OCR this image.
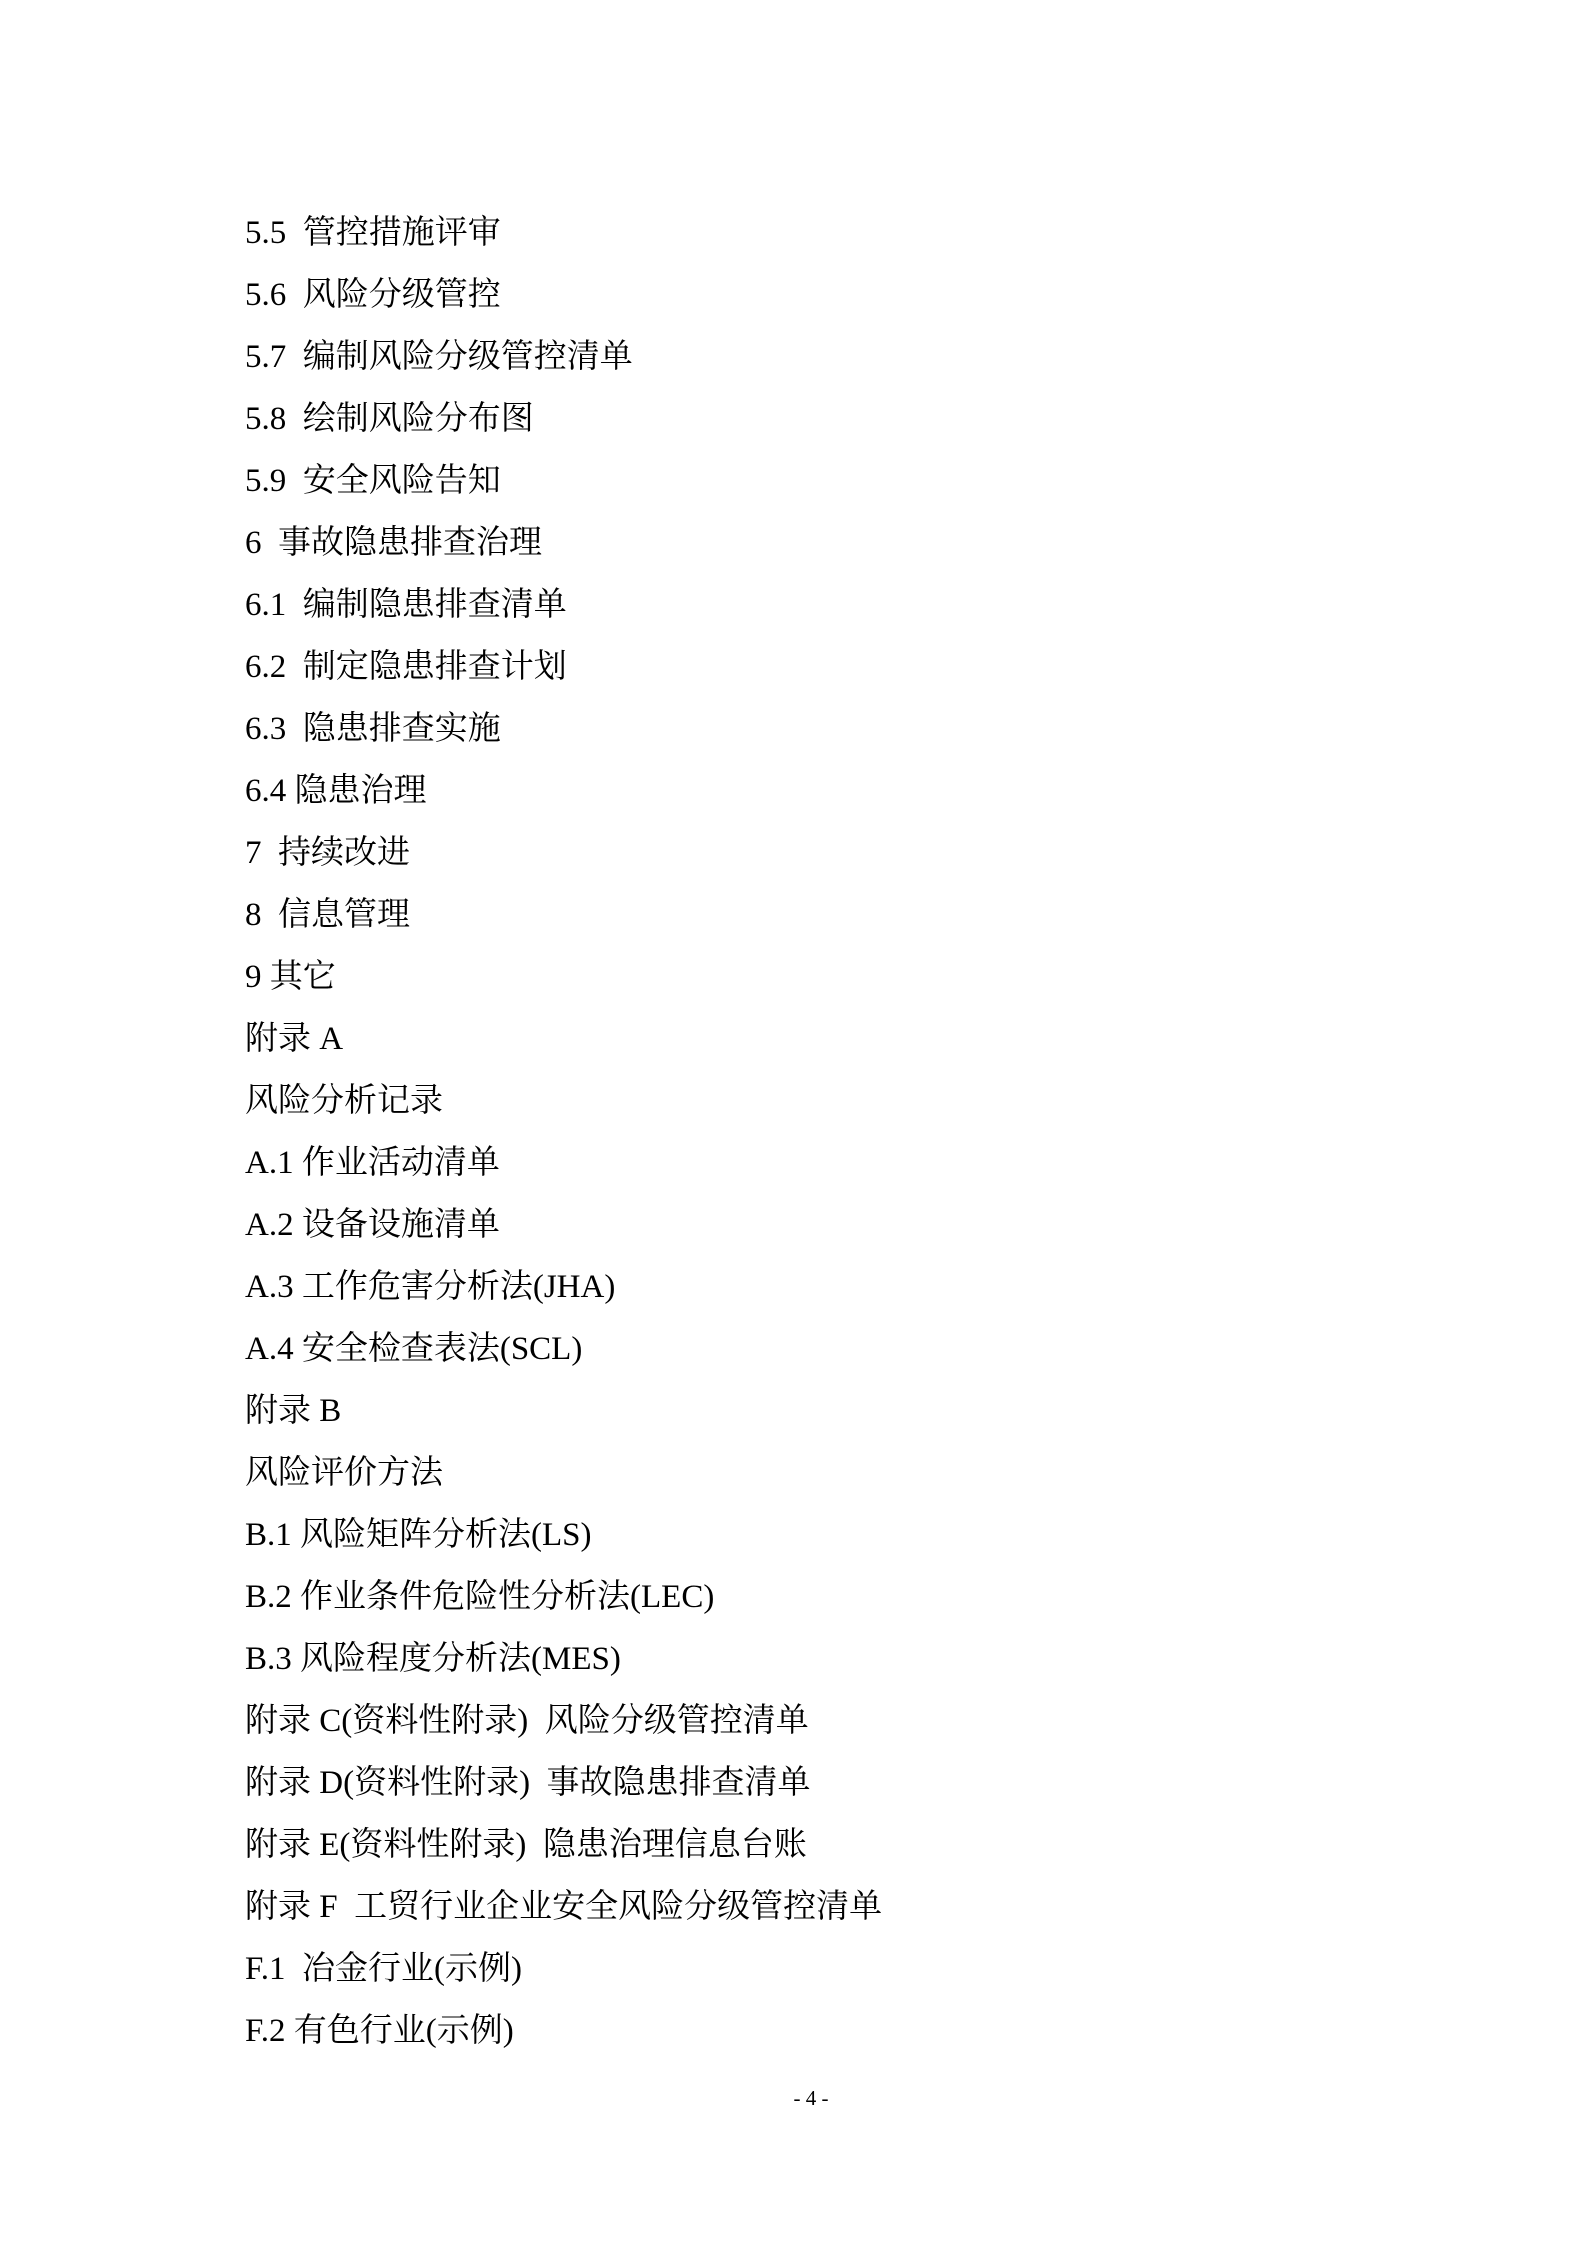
5.5  管控措施评审
5.6  风险分级管控
5.7  编制风险分级管控清单
5.8  绘制风险分布图
5.9  安全风险告知
6  事故隐患排查治理
6.1  编制隐患排查清单
6.2  制定隐患排查计划
6.3  隐患排查实施
6.4 隐患治理
7  持续改进
8  信息管理
9 其它
附录 A
风险分析记录
A.1 作业活动清单
A.2 设备设施清单
A.3 工作危害分析法(JHA)
A.4 安全检查表法(SCL)
附录 B
风险评价方法
B.1 风险矩阵分析法(LS)
B.2 作业条件危险性分析法(LEC)
B.3 风险程度分析法(MES)
附录 C(资料性附录)  风险分级管控清单
附录 D(资料性附录)  事故隐患排查清单
附录 E(资料性附录)  隐患治理信息台账
附录 F  工贸行业企业安全风险分级管控清单
F.1  冶金行业(示例)
F.2 有色行业(示例)
- 4 -
